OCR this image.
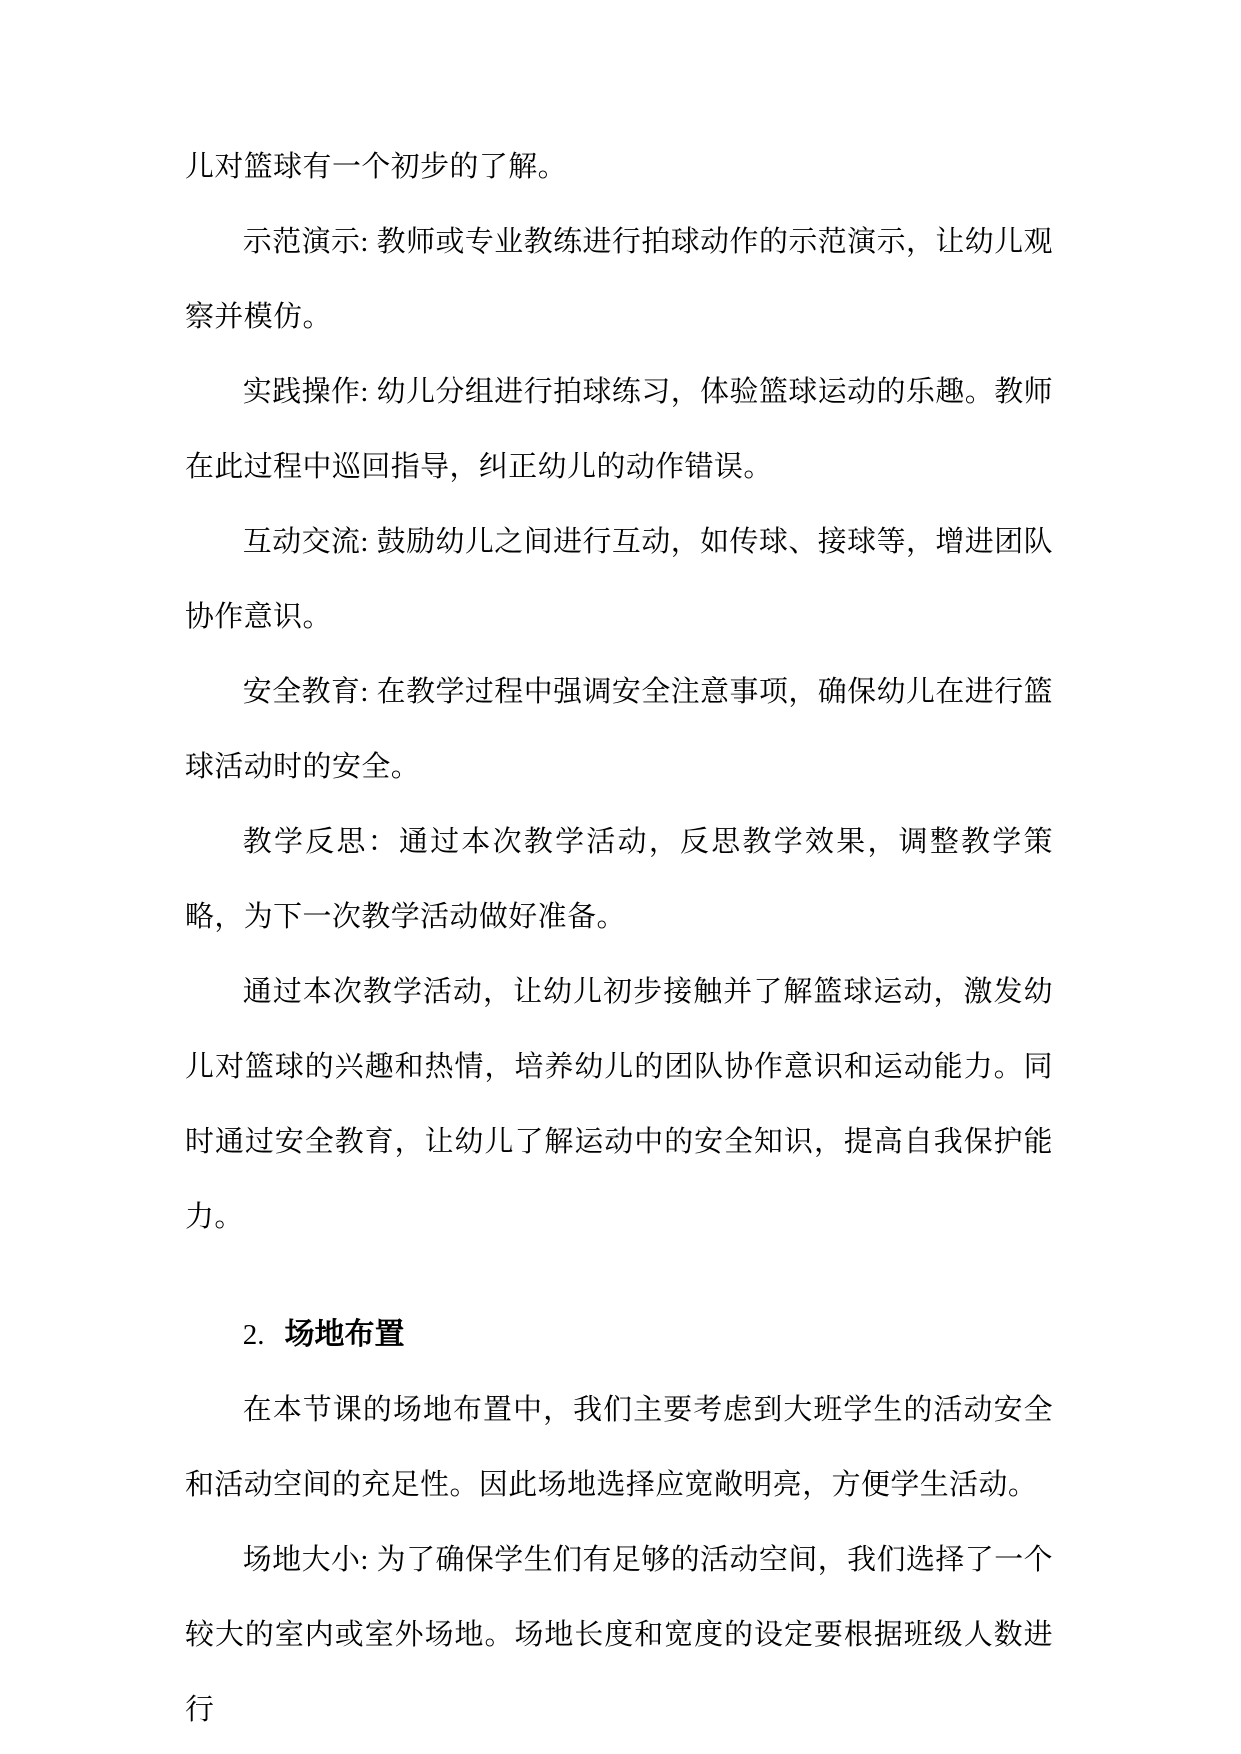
儿对篮球有一个初步的了解。

示范演示: 教师或专业教练进行拍球动作的示范演示，让幼儿观察并模仿。

实践操作: 幼儿分组进行拍球练习，体验篮球运动的乐趣。教师在此过程中巡回指导，纠正幼儿的动作错误。

互动交流: 鼓励幼儿之间进行互动，如传球、接球等，增进团队协作意识。

安全教育: 在教学过程中强调安全注意事项，确保幼儿在进行篮球活动时的安全。

教学反思：通过本次教学活动，反思教学效果，调整教学策略，为下一次教学活动做好准备。

通过本次教学活动，让幼儿初步接触并了解篮球运动，激发幼儿对篮球的兴趣和热情，培养幼儿的团队协作意识和运动能力。同时通过安全教育，让幼儿了解运动中的安全知识，提高自我保护能力。

2. 场地布置

在本节课的场地布置中，我们主要考虑到大班学生的活动安全和活动空间的充足性。因此场地选择应宽敞明亮，方便学生活动。

场地大小: 为了确保学生们有足够的活动空间，我们选择了一个较大的室内或室外场地。场地长度和宽度的设定要根据班级人数进行
